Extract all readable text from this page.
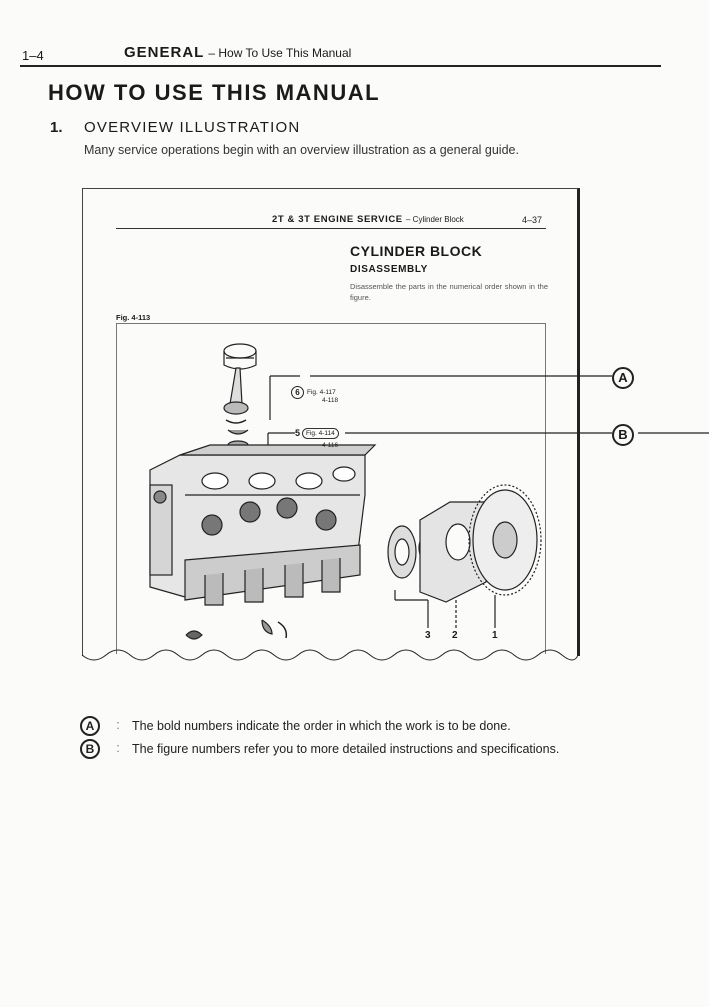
1–4	GENERAL – How To Use This Manual
HOW TO USE THIS MANUAL
1. OVERVIEW ILLUSTRATION
Many service operations begin with an overview illustration as a general guide.
2T & 3T ENGINE SERVICE – Cylinder Block	4–37
CYLINDER BLOCK
DISASSEMBLY
Disassemble the parts in the numerical order shown in the figure.
Fig. 4-113
6	Fig. 4-117
4-118
5 Fig. 4-114
4-116
3 2	1
A
B
A : The bold numbers indicate the order in which the work is to be done.
B : The figure numbers refer you to more detailed instructions and specifications.
